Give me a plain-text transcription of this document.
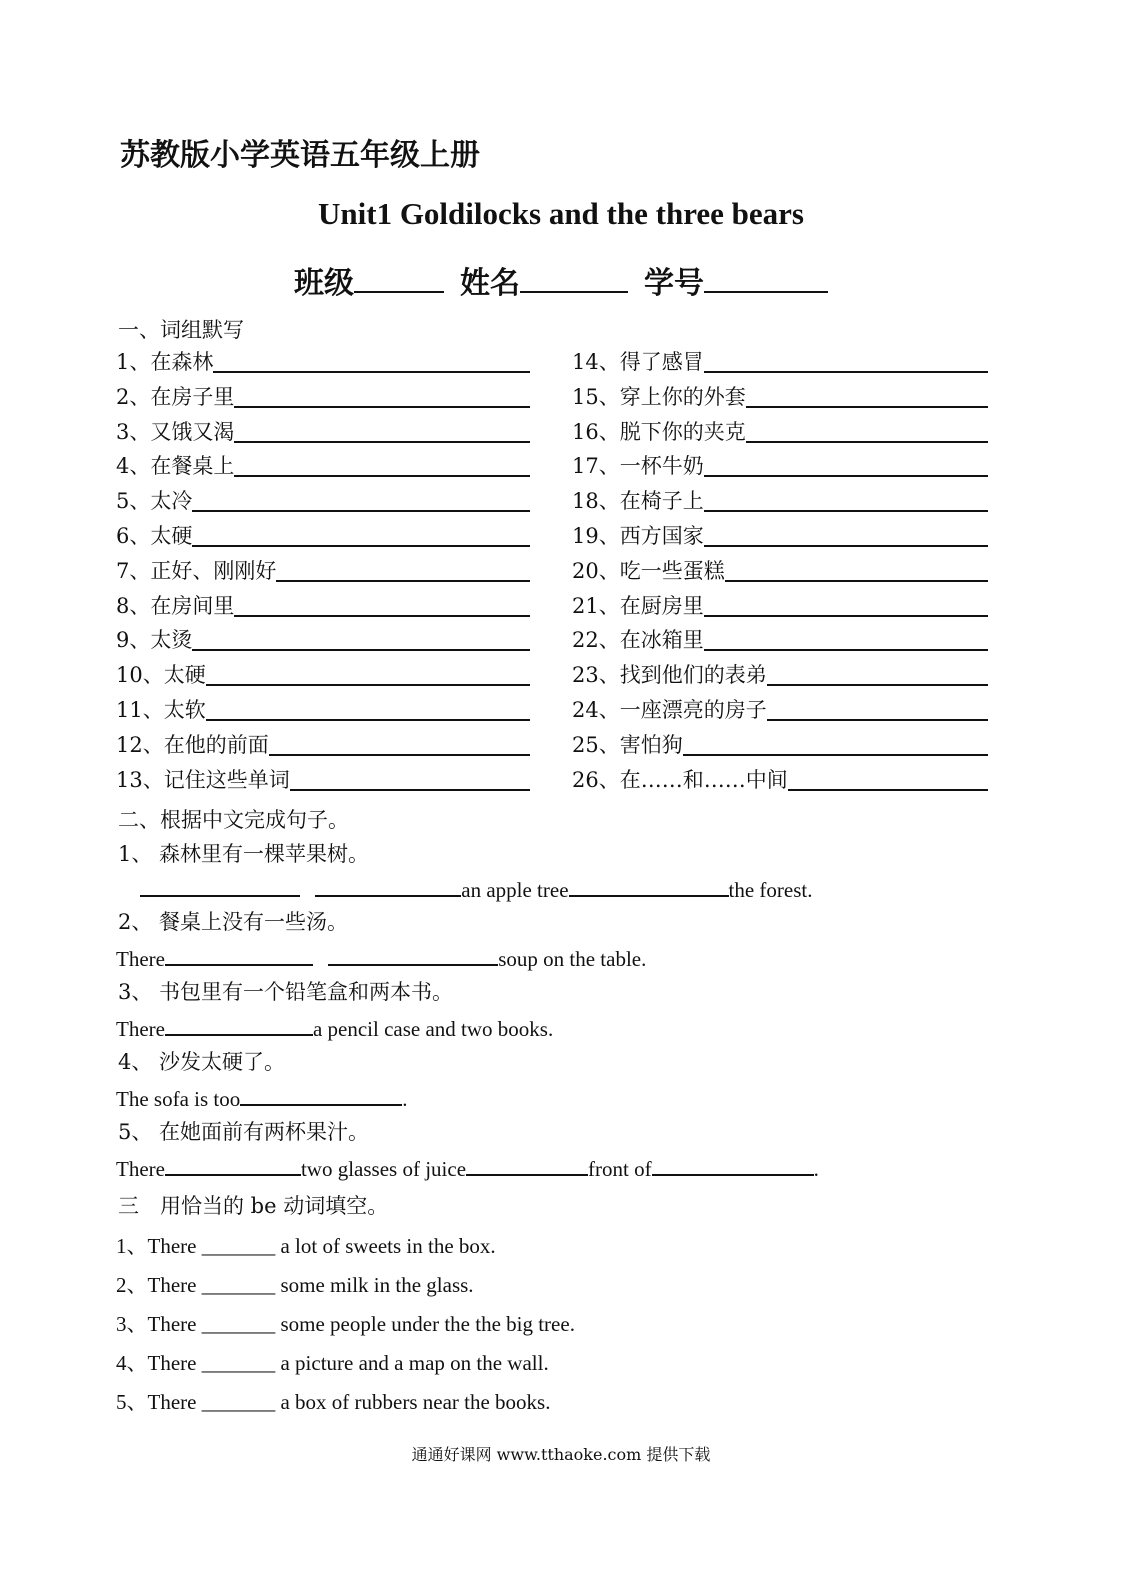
苏教版小学英语五年级上册
Unit1 Goldilocks and the three bears
班级	姓名	学号
一、词组默写
1、在森林
2、在房子里
3、又饿又渴
4、在餐桌上
5、太冷
6、太硬
7、正好、刚刚好
8、在房间里
9、太烫
10、太硬
11、太软
12、在他的前面
13、记住这些单词
14、得了感冒
15、穿上你的外套
16、脱下你的夹克
17、一杯牛奶
18、在椅子上
19、西方国家
20、吃一些蛋糕
21、在厨房里
22、在冰箱里
23、找到他们的表弟
24、一座漂亮的房子
25、害怕狗
26、在……和……中间
二、根据中文完成句子。
1、 森林里有一棵苹果树。
an apple tree	the forest.
2、 餐桌上没有一些汤。
There	soup on the table.
3、 书包里有一个铅笔盒和两本书。
There	a pencil case and two books.
4、 沙发太硬了。
The sofa is too	.
5、 在她面前有两杯果汁。
There	two glasses of juice	front of	.
三　用恰当的 be 动词填空。
1、There _______ a lot of sweets in the box.
2、There _______ some milk in the glass.
3、There _______ some people under the the big tree.
4、There _______ a picture and a map on the wall.
5、There _______ a box of rubbers near the books.
通通好课网 www.tthaoke.com 提供下载
